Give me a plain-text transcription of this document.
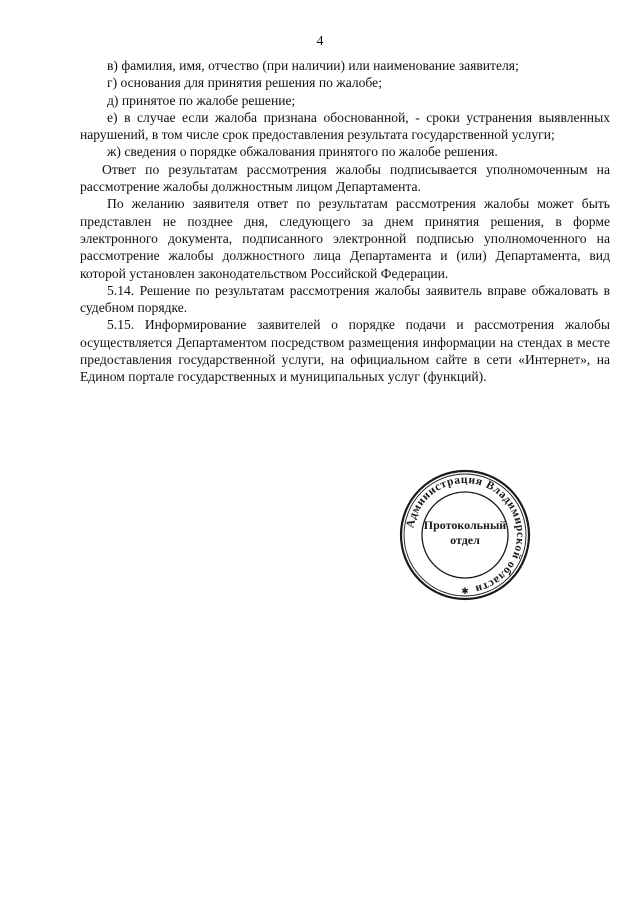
4

в) фамилия, имя, отчество (при наличии) или наименование заявителя;

г) основания для принятия решения по жалобе;

д) принятое по жалобе решение;

е) в случае если жалоба признана обоснованной, - сроки устранения выявленных нарушений, в том числе срок предоставления результата государственной услуги;

ж) сведения о порядке обжалования принятого по жалобе решения.

Ответ по результатам рассмотрения жалобы подписывается уполномоченным на рассмотрение жалобы должностным лицом Департамента.

По желанию заявителя ответ по результатам рассмотрения жалобы может быть представлен не позднее дня, следующего за днем принятия решения, в форме электронного документа, подписанного электронной подписью уполномоченного на рассмотрение жалобы должностного лица Департамента и (или) Департамента, вид которой установлен законодательством Российской Федерации.

5.14. Решение по результатам рассмотрения жалобы заявитель вправе обжаловать в судебном порядке.

5.15. Информирование заявителей о порядке подачи и рассмотрения жалобы осуществляется Департаментом посредством размещения информации на стендах в месте предоставления государственной услуги, на официальном сайте в сети «Интернет», на Едином портале государственных и муниципальных услуг (функций).

Администрация Владимирской области
✱
Протокольный
отдел
